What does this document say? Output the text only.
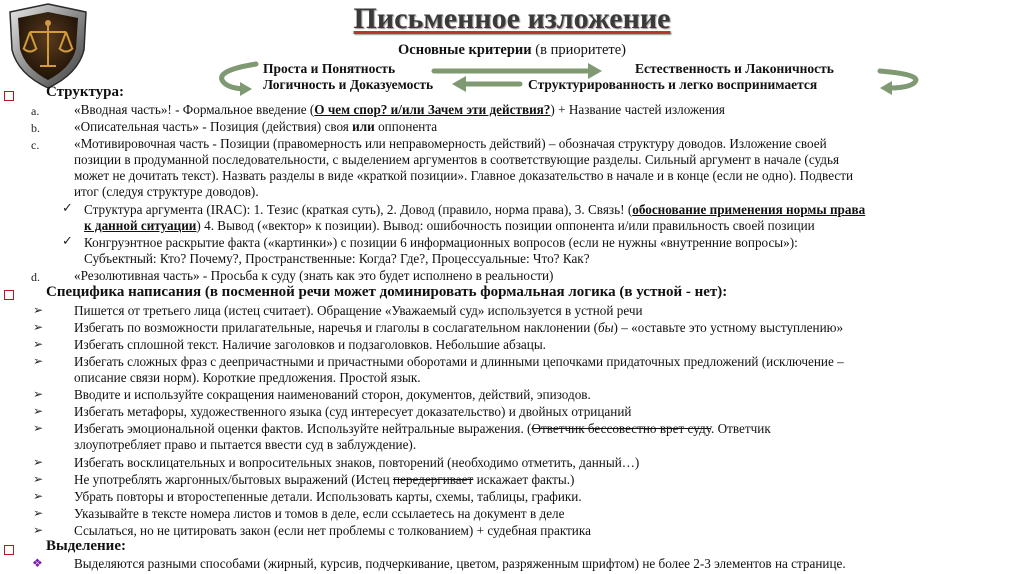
Письменное изложение
Основные критерии (в приоритете)
Проста и Понятность
Логичность и Доказуемость
Естественность и Лаконичность
Структурированность и легко воспринимается
Структура:
a.	«Вводная часть»! - Формальное введение (О чем спор? и/или Зачем эти действия?) + Название частей изложения
b.	«Описательная часть» - Позиция (действия) своя или оппонента
c.	«Мотивировочная часть - Позиции (правомерность или неправомерность действий) – обозначая структуру доводов. Изложение своей
позиции в продуманной последовательности, с выделением аргументов в соответствующие разделы. Сильный аргумент в начале (судья
может не дочитать текст). Назвать разделы в виде «краткой позиции». Главное доказательство в начале и в конце (если не одно). Подвести
итог (следуя структуре доводов).
✓ Структура аргумента (IRAC): 1. Тезис (краткая суть), 2. Довод (правило, норма права), 3. Связь! (обоснование применения нормы права
к данной ситуации) 4. Вывод («вектор» к позиции). Вывод: ошибочность позиции оппонента и/или правильность своей позиции
✓ Конгруэнтное раскрытие факта («картинки») с позиции 6 информационных вопросов (если не нужны «внутренние вопросы»):
Субъектный: Кто? Почему?, Пространственные: Когда? Где?, Процессуальные: Что? Как?
d.	«Резолютивная часть» - Просьба к суду (знать как это будет исполнено в реальности)
Специфика написания (в посменной речи может доминировать формальная логика (в устной - нет):
➢ Пишется от третьего лица (истец считает). Обращение «Уважаемый суд» используется в устной речи
➢ Избегать по возможности прилагательные, наречья и глаголы в сослагательном наклонении (бы) – «оставьте это устному выступлению»
➢ Избегать сплошной текст. Наличие заголовков и подзаголовков. Небольшие абзацы.
➢ Избегать сложных фраз с деепричастными и причастными оборотами и длинными цепочками придаточных предложений (исключение –
описание связи норм). Короткие предложения. Простой язык.
➢ Вводите и используйте сокращения наименований сторон, документов, действий, эпизодов.
➢ Избегать метафоры, художественного языка (суд интересует доказательство) и двойных отрицаний
➢ Избегать эмоциональной оценки фактов. Используйте нейтральные выражения. (Ответчик бессовестно врет суду. Ответчик
злоупотребляет право и пытается ввести суд в заблуждение).
➢ Избегать восклицательных и вопросительных знаков, повторений (необходимо отметить, данный…)
➢ Не употреблять жаргонных/бытовых выражений (Истец передергивает искажает факты.)
➢ Убрать повторы и второстепенные детали. Использовать карты, схемы, таблицы, графики.
➢ Указывайте в тексте номера листов и томов в деле, если ссылаетесь на документ в деле
➢ Ссылаться, но не цитировать закон (если нет проблемы с толкованием) + судебная практика
Выделение:
❖ Выделяются разными способами (жирный, курсив, подчеркивание, цветом, разряженным шрифтом) не более 2-3 элементов на странице.
